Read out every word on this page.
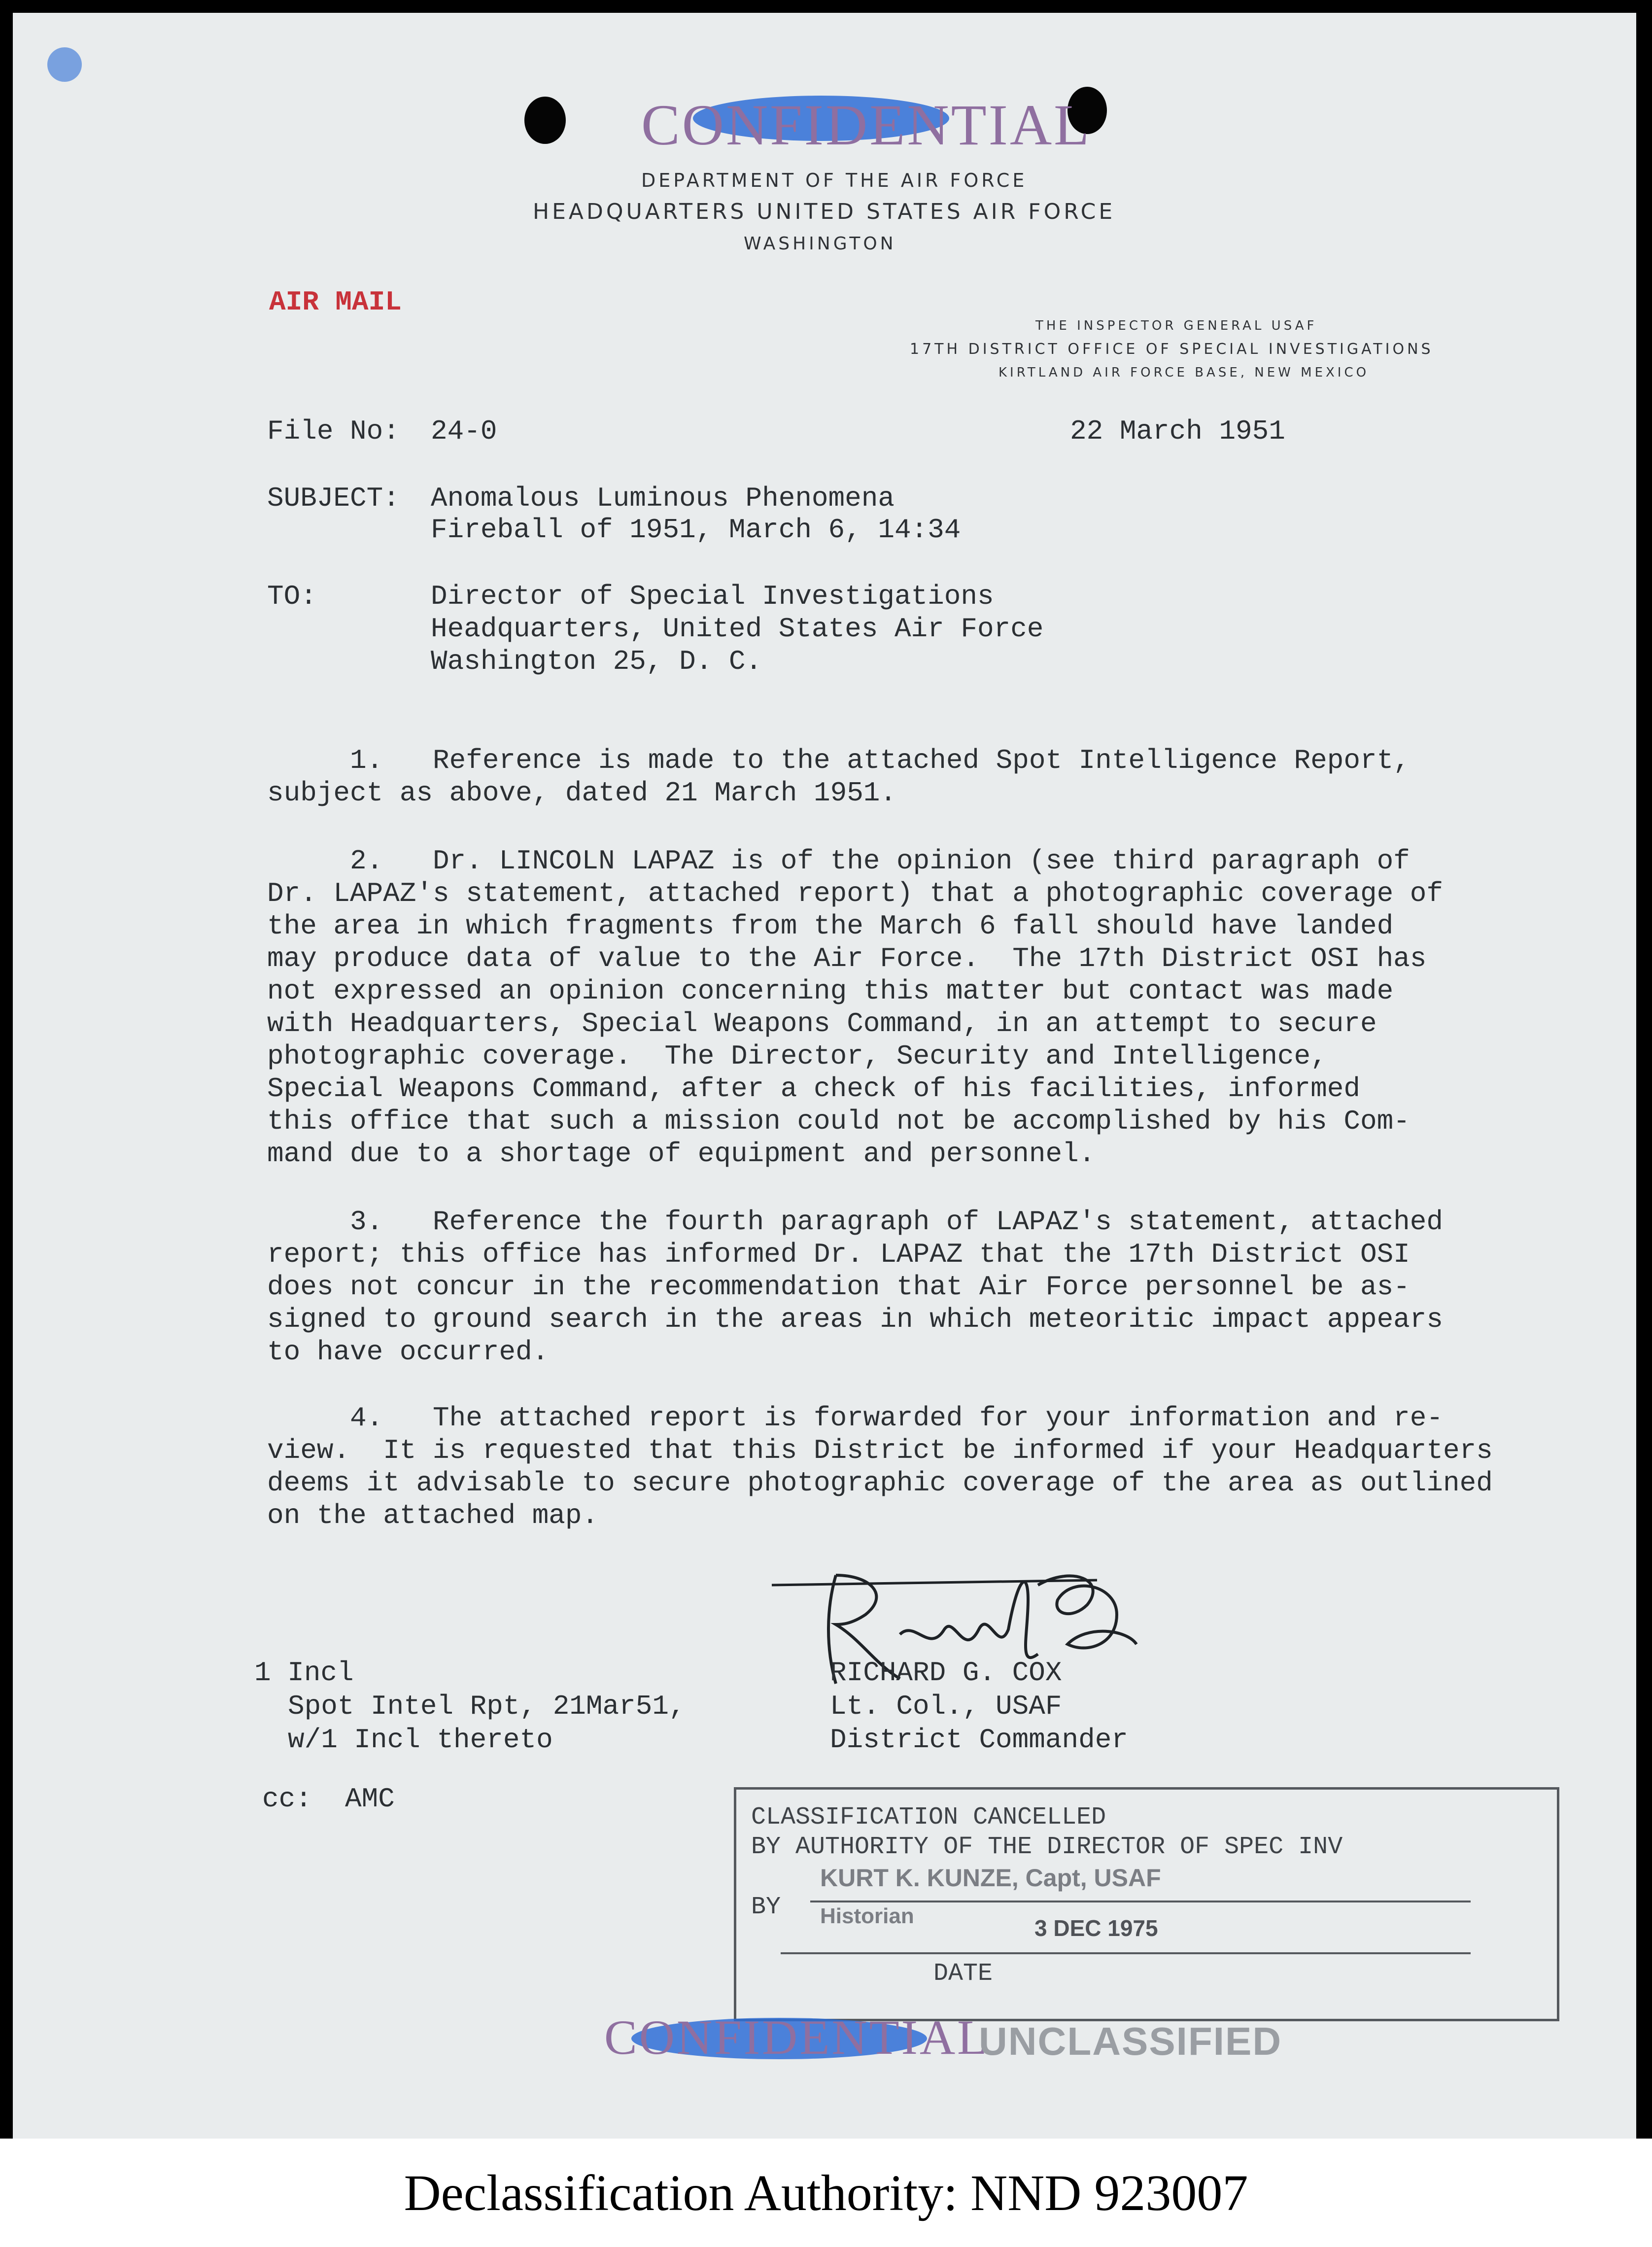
CONFIDENTIAL
DEPARTMENT OF THE AIR FORCE
HEADQUARTERS UNITED STATES AIR FORCE
WASHINGTON
AIR MAIL
THE INSPECTOR GENERAL USAF
17TH DISTRICT OFFICE OF SPECIAL INVESTIGATIONS
KIRTLAND AIR FORCE BASE, NEW MEXICO
File No: 24-0	22 March 1951
SUBJECT: Anomalous Luminous Phenomena
Fireball of 1951, March 6, 14:34
TO:	Director of Special Investigations
Headquarters, United States Air Force
Washington 25, D. C.
1.   Reference is made to the attached Spot Intelligence Report,
subject as above, dated 21 March 1951.
2.   Dr. LINCOLN LAPAZ is of the opinion (see third paragraph of
Dr. LAPAZ's statement, attached report) that a photographic coverage of
the area in which fragments from the March 6 fall should have landed
may produce data of value to the Air Force.  The 17th District OSI has
not expressed an opinion concerning this matter but contact was made
with Headquarters, Special Weapons Command, in an attempt to secure
photographic coverage.  The Director, Security and Intelligence,
Special Weapons Command, after a check of his facilities, informed
this office that such a mission could not be accomplished by his Com-
mand due to a shortage of equipment and personnel.
3.   Reference the fourth paragraph of LAPAZ's statement, attached
report; this office has informed Dr. LAPAZ that the 17th District OSI
does not concur in the recommendation that Air Force personnel be as-
signed to ground search in the areas in which meteoritic impact appears
to have occurred.
4.   The attached report is forwarded for your information and re-
view.  It is requested that this District be informed if your Headquarters
deems it advisable to secure photographic coverage of the area as outlined
on the attached map.
RICHARD G. COX
Lt. Col., USAF
District Commander
1 Incl
Spot Intel Rpt, 21Mar51,
w/1 Incl thereto
cc:  AMC
CLASSIFICATION CANCELLED
BY AUTHORITY OF THE DIRECTOR OF SPEC INV
BY
KURT K. KUNZE, Capt, USAF
Historian	3 DEC 1975
DATE
CONFIDENTIAL
UNCLASSIFIED
Declassification Authority: NND 923007
